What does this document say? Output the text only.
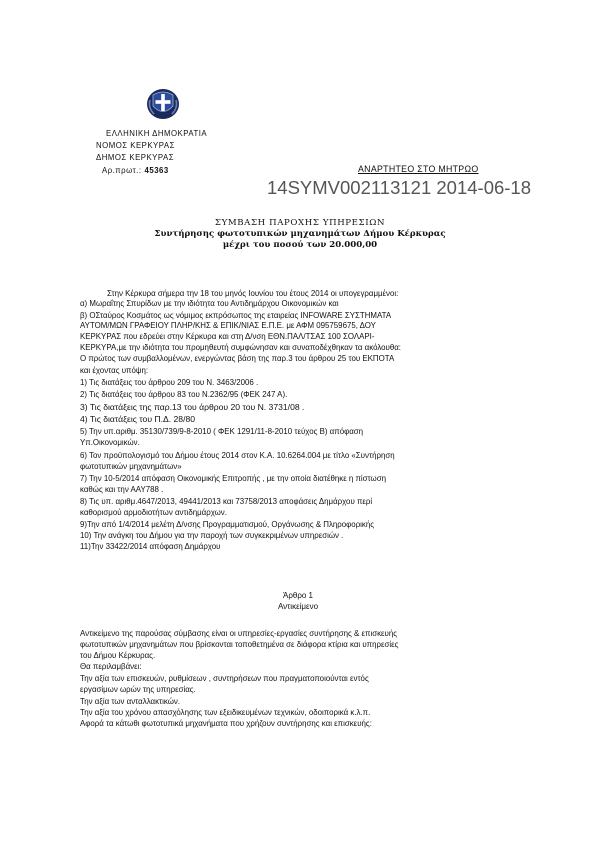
ΕΛΛΗΝΙΚΗ ΔΗΜΟΚΡΑΤΙΑ
ΝΟΜΟΣ ΚΕΡΚΥΡΑΣ
ΔΗΜΟΣ ΚΕΡΚΥΡΑΣ
Αρ.πρωτ.: 45363	ΑΝΑΡΤΗΤΕΟ ΣΤΟ ΜΗΤΡΩΟ
14SYMV002113121 2014-06-18
ΣΥΜΒΑΣΗ ΠΑΡΟΧΗΣ ΥΠΗΡΕΣΙΩΝ
Συντήρησης φωτοτυπικών μηχανημάτων Δήμου Κέρκυρας
μέχρι του ποσού των 20.000,00
Στην Κέρκυρα σήμερα την 18 του μηνός Ιουνίου του έτους 2014 οι υπογεγραμμένοι:
α) Μωραΐτης Σπυρίδων με την ιδιότητα του Αντιδημάρχου Οικονομικών και
β) ΟΣταύρος Κοσμάτος ως νόμιμος εκπρόσωπος της εταιρείας INFOWARE ΣΥΣΤΗΜΑΤΑ
ΑΥΤΟΜ/ΜΩΝ ΓΡΑΦΕΙΟΥ ΠΛΗΡ/ΚΗΣ & ΕΠΙΚ/ΝΙΑΣ Ε.Π.Ε. με ΑΦΜ 095759675, ΔΟΥ
ΚΕΡΚΥΡΑΣ που εδρεύει στην Κέρκυρα και στη Δ/νση ΕΘΝ.ΠΑΛ/ΤΣΑΣ 100 ΣΟΛΑΡΙ-
ΚΕΡΚΥΡΑ,με την ιδιότητα του προμηθευτή συμφώνησαν και συναποδέχθηκαν τα ακόλουθα:
Ο πρώτος των συμβαλλομένων, ενεργώντας βάση της παρ.3 του άρθρου 25 του ΕΚΠΟΤΑ
και έχοντας υπόψη:
1) Τις διατάξεις του άρθρου 209 του Ν. 3463/2006 .
2) Τις διατάξεις του άρθρου 83 του Ν.2362/95 (ΦΕΚ 247 Α).
3) Τις διατάξεις της παρ.13 του άρθρου 20 του Ν. 3731/08 .
4) Τις διατάξεις του Π.Δ. 28/80
5) Την υπ.αριθμ. 35130/739/9-8-2010 ( ΦΕΚ 1291/11-8-2010 τεύχος Β) απόφαση
Υπ.Οικονομικών.
6) Τον προϋπολογισμό του Δήμου έτους 2014 στον Κ.Α. 10.6264.004 με τίτλο «Συντήρηση
φωτοτυπικών μηχανημάτων»
7) Την 10-5/2014 απόφαση Οικονομικής Επιτροπής , με την οποία διατέθηκε η πίστωση
καθώς και την ΑΑΥ788 .
8) Τις υπ. αριθμ.4647/2013, 49441/2013 και 73758/2013 αποφάσεις Δημάρχου περί
καθορισμού αρμοδιοτήτων αντιδημάρχων.
9)Την από 1/4/2014 μελέτη Δ/νσης Προγραμματισμού, Οργάνωσης & Πληροφορικής
10) Την ανάγκη του Δήμου για την παροχή των συγκεκριμένων υπηρεσιών .
11)Την 33422/2014 απόφαση Δημάρχου
Άρθρο 1
Αντικείμενο
Αντικείμενο της παρούσας σύμβασης είναι οι υπηρεσίες-εργασίες συντήρησης & επισκευής
φωτοτυπικών μηχανημάτων που βρίσκονται τοποθετημένα σε διάφορα κτίρια και υπηρεσίες
του Δήμου Κέρκυρας.
Θα περιλαμβάνει:
Την αξία των επισκευών, ρυθμίσεων , συντηρήσεων που πραγματοποιούνται εντός
εργασίμων ωρών της υπηρεσίας.
Την αξία των ανταλλακτικών.
Την αξία του χρόνου απασχόλησης των εξειδικευμένων τεχνικών, οδοιπορικά κ.λ.π.
Αφορά τα κάτωθι φωτοτυπικά μηχανήματα που χρήζουν συντήρησης και επισκευής:
